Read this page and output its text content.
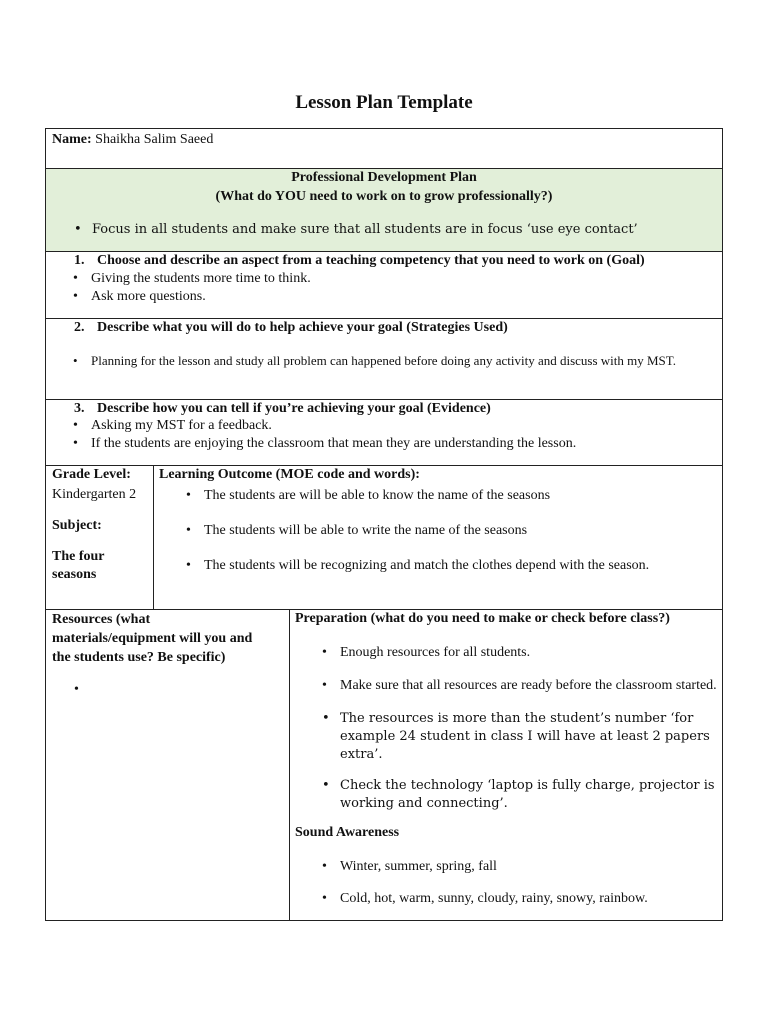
Lesson Plan Template
Name: Shaikha Salim Saeed
Professional Development Plan
(What do YOU need to work on to grow professionally?)
• Focus in all students and make sure that all students are in focus ‘use eye contact’
1. Choose and describe an aspect from a teaching competency that you need to work on (Goal)
• Giving the students more time to think.
• Ask more questions.
2. Describe what you will do to help achieve your goal (Strategies Used)
• Planning for the lesson and study all problem can happened before doing any activity and discuss with my MST.
3. Describe how you can tell if you’re achieving your goal (Evidence)
• Asking my MST for a feedback.
• If the students are enjoying the classroom that mean they are understanding the lesson.
Grade Level:
Kindergarten 2
Subject:
The four seasons
Learning Outcome (MOE code and words):
• The students are will be able to know the name of the seasons
• The students will be able to write the name of the seasons
• The students will be recognizing and match the clothes depend with the season.
Resources (what materials/equipment will you and the students use? Be specific)
•
Preparation (what do you need to make or check before class?)
• Enough resources for all students.
• Make sure that all resources are ready before the classroom started.
• The resources is more than the student’s number ‘for example 24 student in class I will have at least 2 papers extra’.
• Check the technology ‘laptop is fully charge, projector is working and connecting’.
Sound Awareness
• Winter, summer, spring, fall
• Cold, hot, warm, sunny, cloudy, rainy, snowy, rainbow.
